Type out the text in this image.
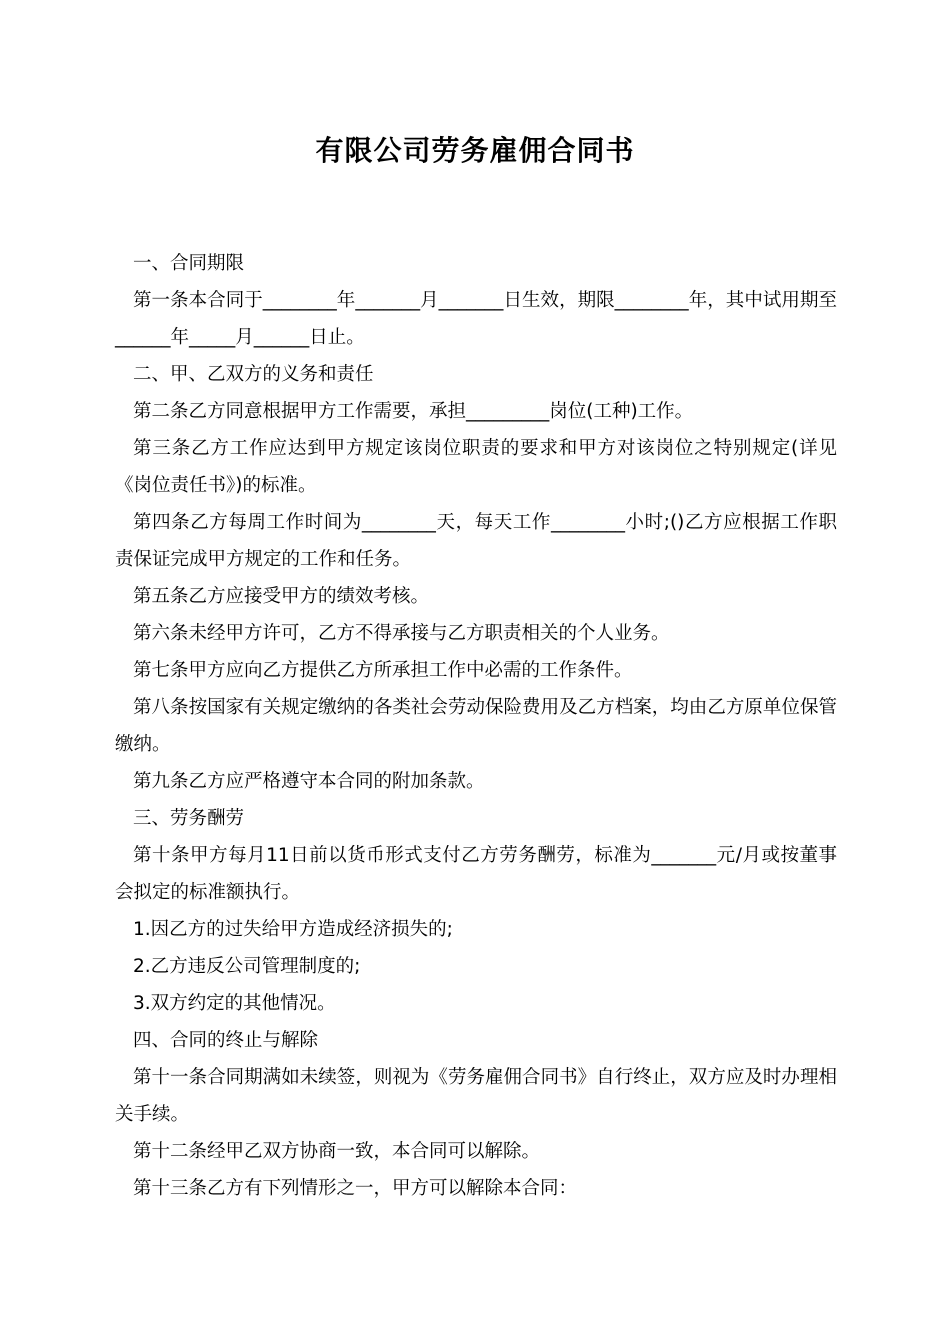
有限公司劳务雇佣合同书

一、合同期限

第一条本合同于________年_______月_______日生效，期限________年，其中试用期至______年_____月______日止。

二、甲、乙双方的义务和责任

第二条乙方同意根据甲方工作需要，承担_________岗位(工种)工作。

第三条乙方工作应达到甲方规定该岗位职责的要求和甲方对该岗位之特别规定(详见《岗位责任书》)的标准。

第四条乙方每周工作时间为________天，每天工作________小时;()乙方应根据工作职责保证完成甲方规定的工作和任务。

第五条乙方应接受甲方的绩效考核。

第六条未经甲方许可，乙方不得承接与乙方职责相关的个人业务。

第七条甲方应向乙方提供乙方所承担工作中必需的工作条件。

第八条按国家有关规定缴纳的各类社会劳动保险费用及乙方档案，均由乙方原单位保管缴纳。

第九条乙方应严格遵守本合同的附加条款。

三、劳务酬劳

第十条甲方每月11日前以货币形式支付乙方劳务酬劳，标准为_______元/月或按董事会拟定的标准额执行。

1.因乙方的过失给甲方造成经济损失的;

2.乙方违反公司管理制度的;

3.双方约定的其他情况。

四、合同的终止与解除

第十一条合同期满如未续签，则视为《劳务雇佣合同书》自行终止，双方应及时办理相关手续。

第十二条经甲乙双方协商一致，本合同可以解除。

第十三条乙方有下列情形之一，甲方可以解除本合同：
